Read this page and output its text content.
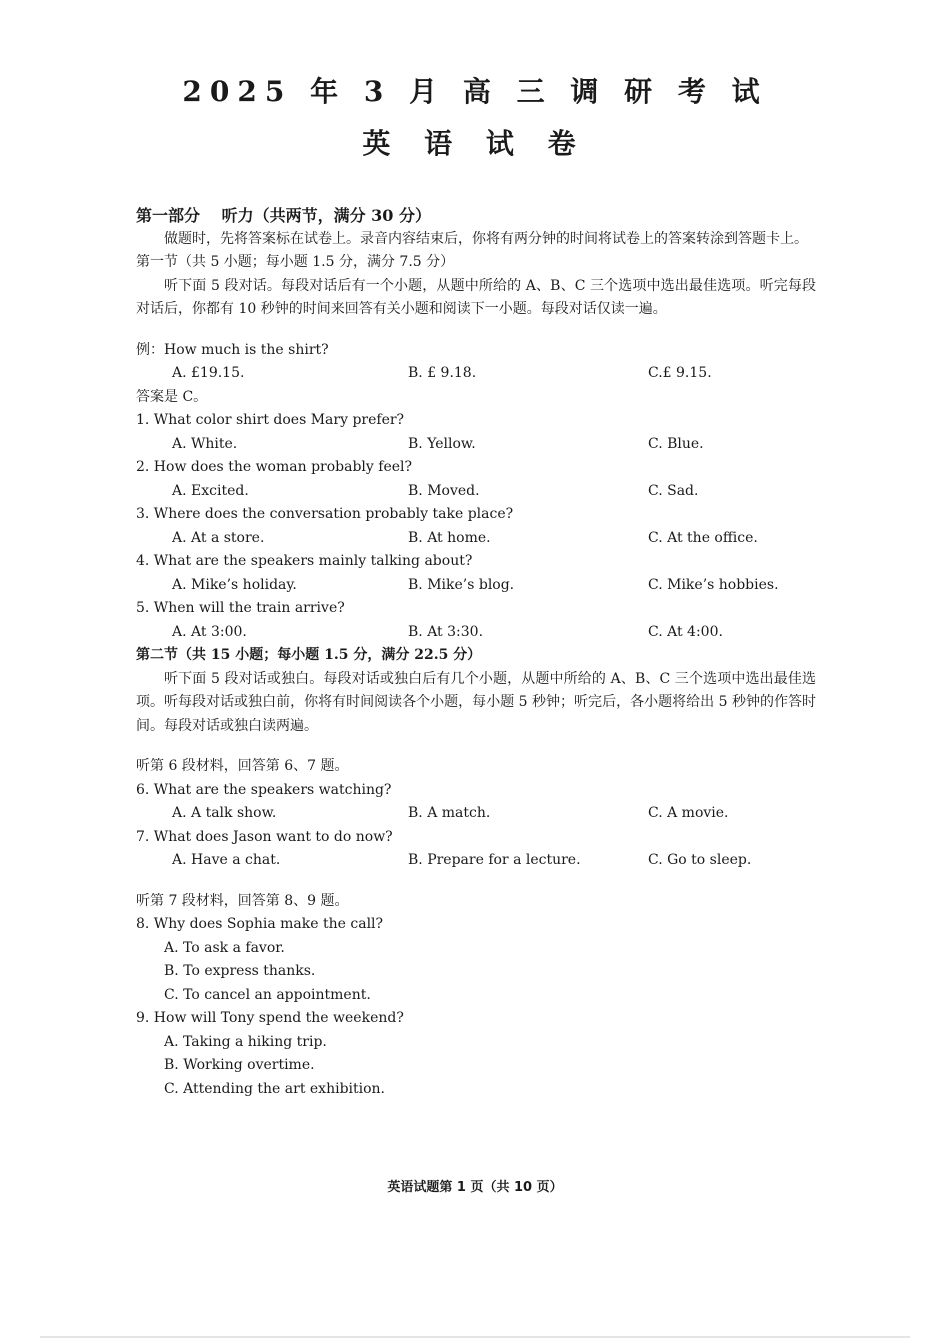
2025 年 3 月 高 三 调 研 考 试
英 语 试 卷
第一部分　 听力（共两节，满分 30 分）
做题时，先将答案标在试卷上。录音内容结束后，你将有两分钟的时间将试卷上的答案转涂到答题卡上。
第一节（共 5 小题；每小题 1.5 分，满分 7.5 分）
听下面 5 段对话。每段对话后有一个小题，从题中所给的 A、B、C 三个选项中选出最佳选项。听完每段对话后，你都有 10 秒钟的时间来回答有关小题和阅读下一小题。每段对话仅读一遍。
例：How much is the shirt?
A. £19.15.	B. £ 9.18.	C.£ 9.15.
答案是 C。
1. What color shirt does Mary prefer?
A. White.	B. Yellow.	C. Blue.
2. How does the woman probably feel?
A. Excited.	B. Moved.	C. Sad.
3. Where does the conversation probably take place?
A. At a store.	B. At home.	C. At the office.
4. What are the speakers mainly talking about?
A. Mike’s holiday.	B. Mike’s blog.	C. Mike’s hobbies.
5. When will the train arrive?
A. At 3:00.	B. At 3:30.	C. At 4:00.
第二节（共 15 小题；每小题 1.5 分，满分 22.5 分）
听下面 5 段对话或独白。每段对话或独白后有几个小题，从题中所给的 A、B、C 三个选项中选出最佳选项。听每段对话或独白前，你将有时间阅读各个小题，每小题 5 秒钟；听完后，各小题将给出 5 秒钟的作答时间。每段对话或独白读两遍。
听第 6 段材料，回答第 6、7 题。
6. What are the speakers watching?
A. A talk show.	B. A match.	C. A movie.
7. What does Jason want to do now?
A. Have a chat.	B. Prepare for a lecture.	C. Go to sleep.
听第 7 段材料，回答第 8、9 题。
8. Why does Sophia make the call?
A. To ask a favor.
B. To express thanks.
C. To cancel an appointment.
9. How will Tony spend the weekend?
A. Taking a hiking trip.
B. Working overtime.
C. Attending the art exhibition.
英语试题第 1 页（共 10 页）
